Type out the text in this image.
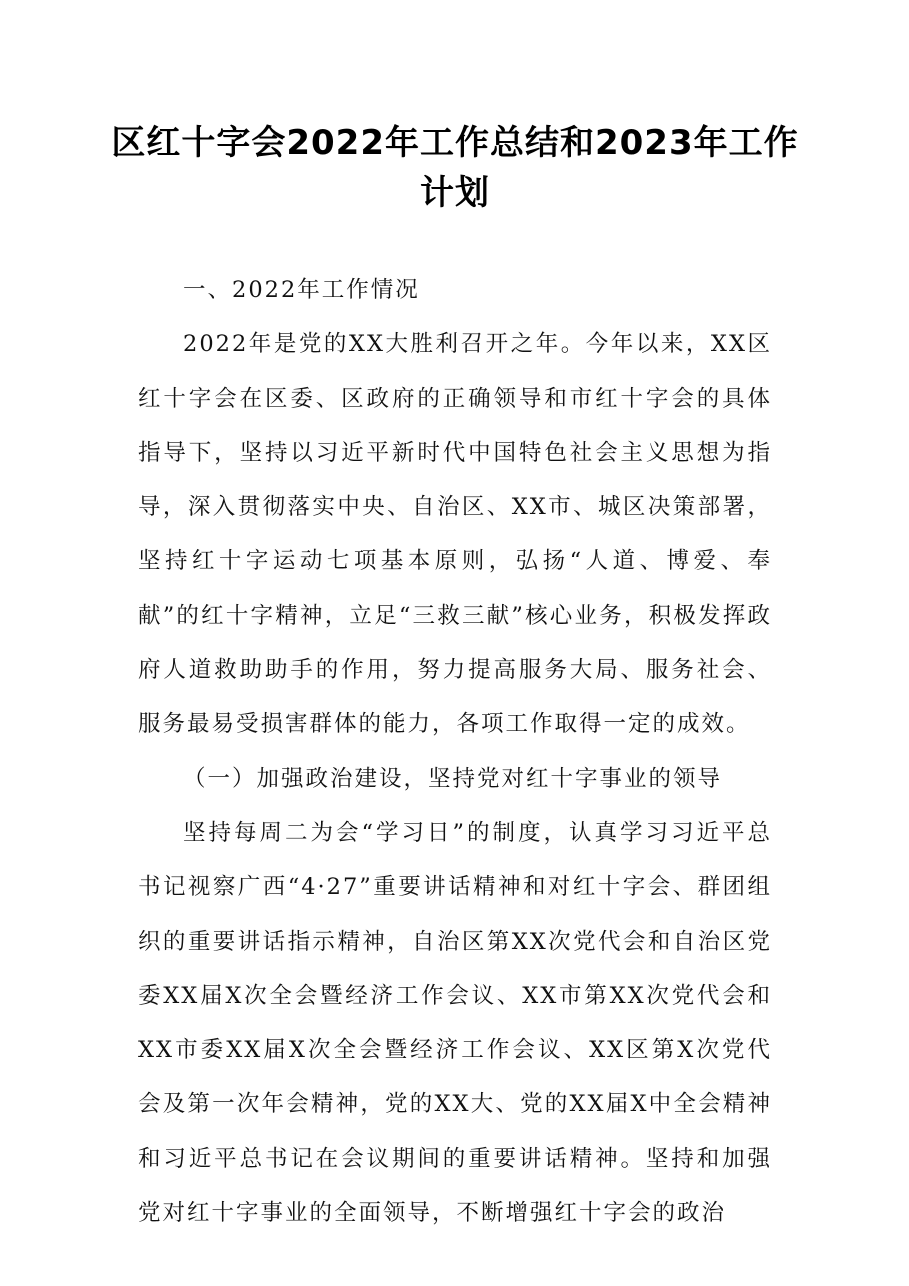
区红十字会2022年工作总结和2023年工作计划

一、2022年工作情况

2022年是党的XX大胜利召开之年。今年以来，XX区红十字会在区委、区政府的正确领导和市红十字会的具体指导下，坚持以习近平新时代中国特色社会主义思想为指导，深入贯彻落实中央、自治区、XX市、城区决策部署，坚持红十字运动七项基本原则，弘扬“人道、博爱、奉献”的红十字精神，立足“三救三献”核心业务，积极发挥政府人道救助助手的作用，努力提高服务大局、服务社会、服务最易受损害群体的能力，各项工作取得一定的成效。

（一）加强政治建设，坚持党对红十字事业的领导

坚持每周二为会“学习日”的制度，认真学习习近平总书记视察广西“4·27”重要讲话精神和对红十字会、群团组织的重要讲话指示精神，自治区第XX次党代会和自治区党委XX届X次全会暨经济工作会议、XX市第XX次党代会和XX市委XX届X次全会暨经济工作会议、XX区第X次党代会及第一次年会精神，党的XX大、党的XX届X中全会精神和习近平总书记在会议期间的重要讲话精神。坚持和加强党对红十字事业的全面领导，不断增强红十字会的政治
